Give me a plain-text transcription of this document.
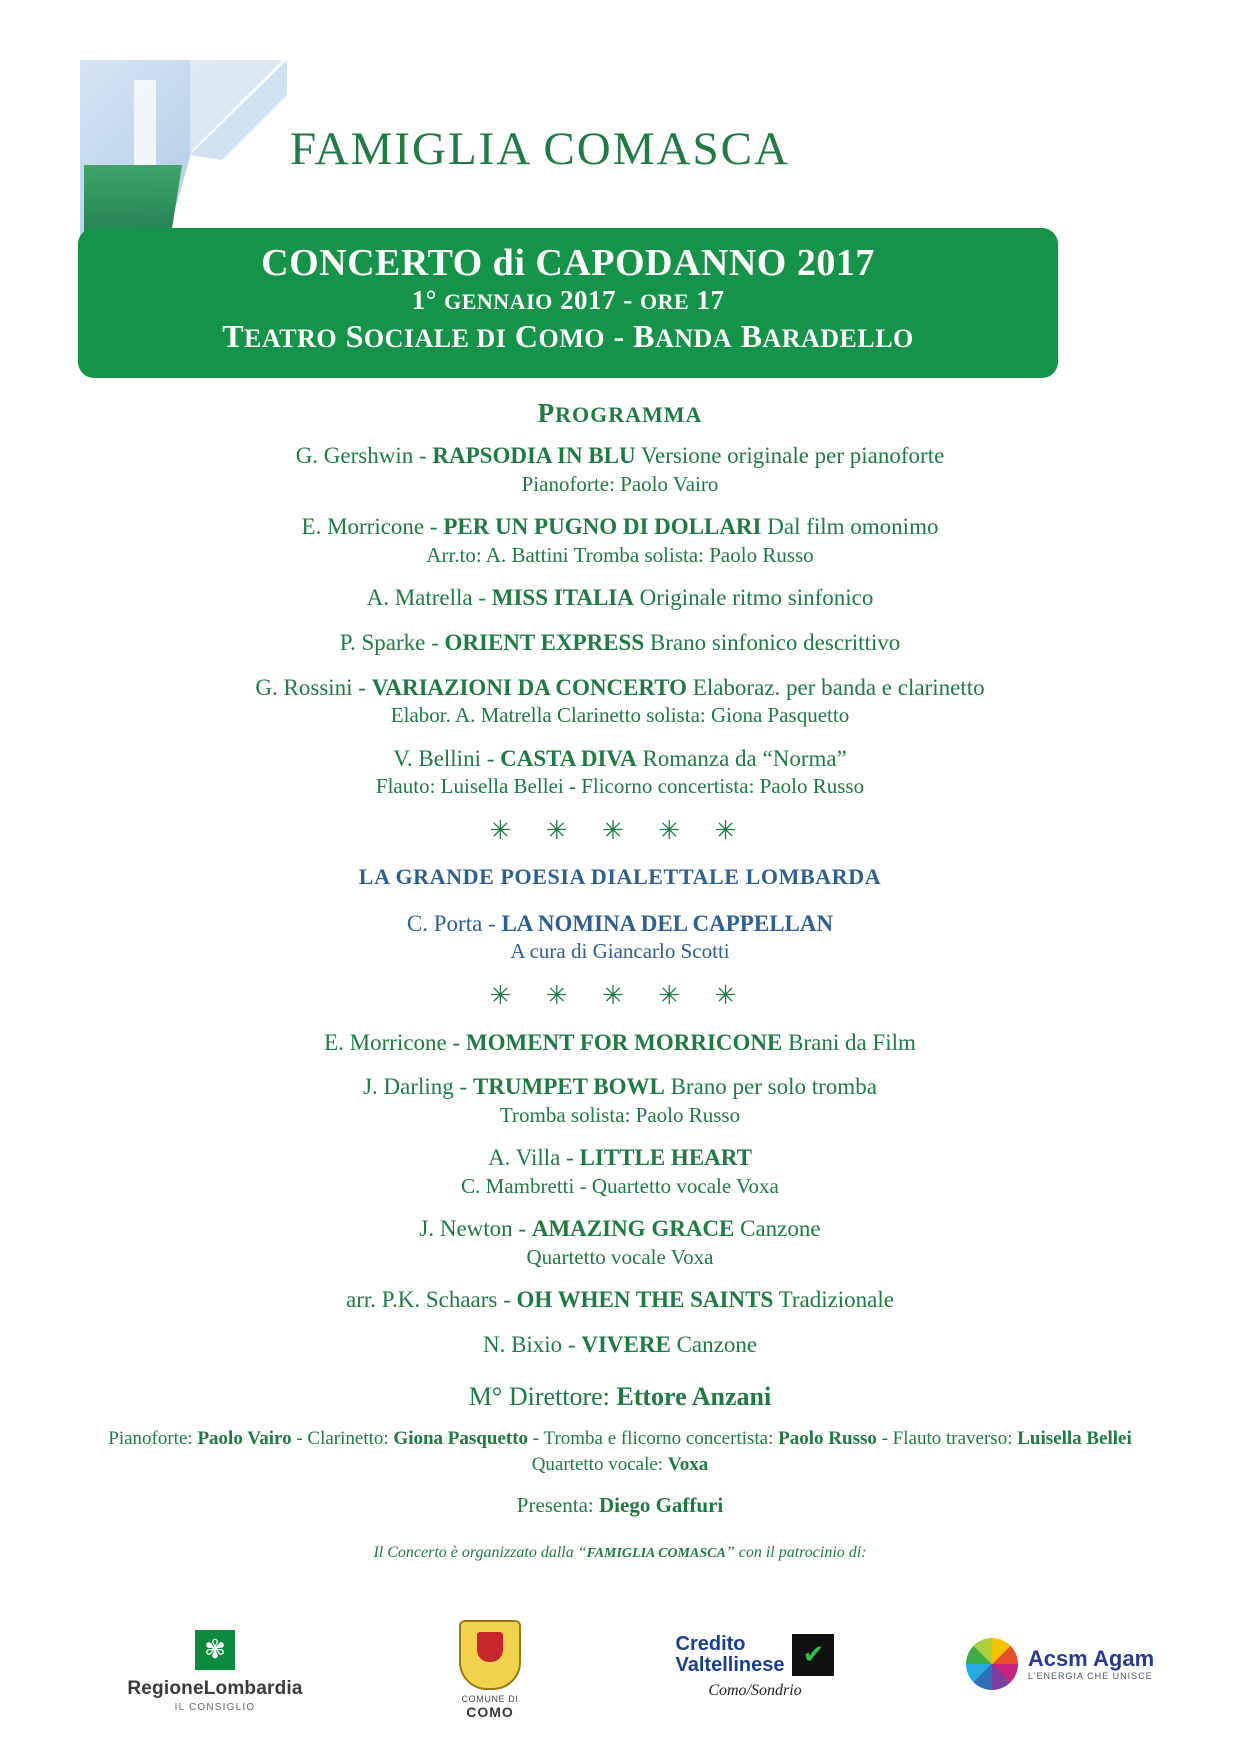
FAMIGLIA COMASCA
CONCERTO di CAPODANNO 2017
1° GENNAIO 2017 - ORE 17
TEATRO SOCIALE DI COMO - BANDA BARADELLO
PROGRAMMA
G. Gershwin - RAPSODIA IN BLU Versione originale per pianoforte
Pianoforte: Paolo Vairo
E. Morricone - PER UN PUGNO DI DOLLARI Dal film omonimo
Arr.to: A. Battini Tromba solista: Paolo Russo
A. Matrella - MISS ITALIA Originale ritmo sinfonico
P. Sparke - ORIENT EXPRESS Brano sinfonico descrittivo
G. Rossini - VARIAZIONI DA CONCERTO Elaboraz. per banda e clarinetto
Elabor. A. Matrella Clarinetto solista: Giona Pasquetto
V. Bellini - CASTA DIVA Romanza da “Norma”
Flauto: Luisella Bellei - Flicorno concertista: Paolo Russo
✳ ✳ ✳ ✳ ✳
LA GRANDE POESIA DIALETTALE LOMBARDA
C. Porta - LA NOMINA DEL CAPPELLAN
A cura di Giancarlo Scotti
✳ ✳ ✳ ✳ ✳
E. Morricone - MOMENT FOR MORRICONE Brani da Film
J. Darling - TRUMPET BOWL Brano per solo tromba
Tromba solista: Paolo Russo
A. Villa - LITTLE HEART
C. Mambretti - Quartetto vocale Voxa
J. Newton - AMAZING GRACE Canzone
Quartetto vocale Voxa
arr. P.K. Schaars - OH WHEN THE SAINTS Tradizionale
N. Bixio - VIVERE Canzone
M° Direttore: Ettore Anzani
Pianoforte: Paolo Vairo - Clarinetto: Giona Pasquetto - Tromba e flicorno concertista: Paolo Russo - Flauto traverso: Luisella Bellei
Quartetto vocale: Voxa
Presenta: Diego Gaffuri
Il Concerto è organizzato dalla “FAMIGLIA COMASCA” con il patrocinio di:
✾
RegioneLombardia
IL CONSIGLIO
COMUNE DI
COMO
Credito
Valtellinese ✔
Como/Sondrio
Acsm Agam
L'ENERGIA CHE UNISCE
